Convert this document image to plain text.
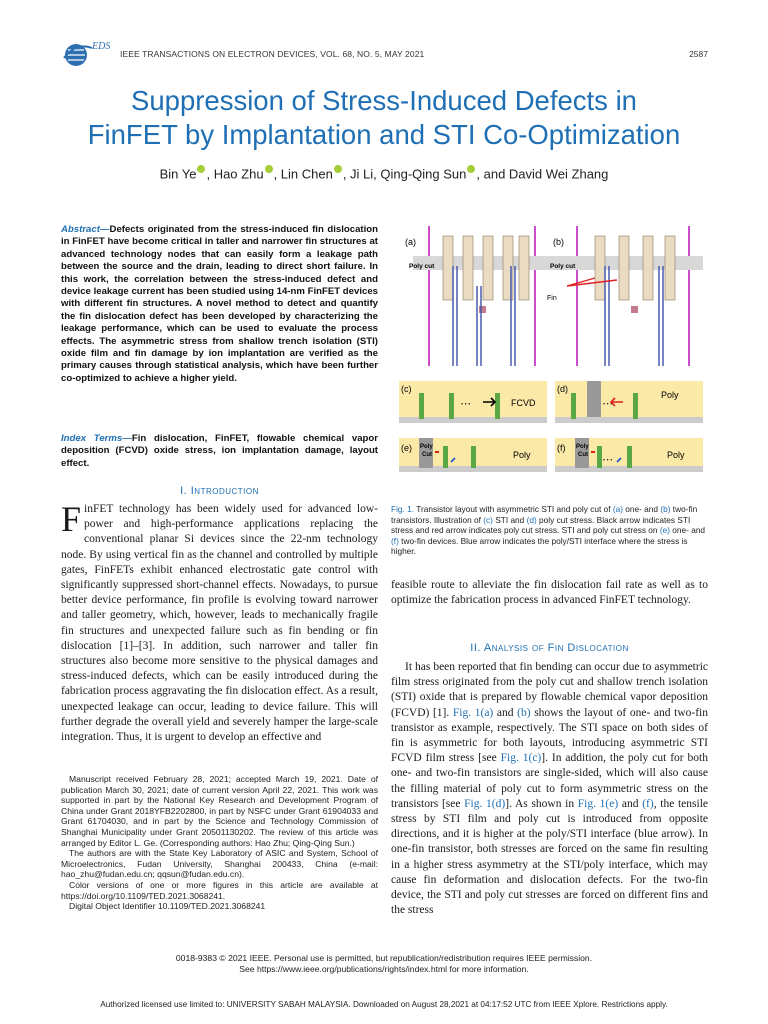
EDS
IEEE TRANSACTIONS ON ELECTRON DEVICES, VOL. 68, NO. 5, MAY 2021	2587
Suppression of Stress-Induced Defects in
FinFET by Implantation and STI Co-Optimization
Bin Ye , Hao Zhu , Lin Chen , Ji Li, Qing-Qing Sun , and David Wei Zhang
Abstract—Defects originated from the stress-induced fin dislocation in FinFET have become critical in taller and narrower fin structures at advanced technology nodes that can easily form a leakage path between the source and the drain, leading to direct short failure. In this work, the correlation between the stress-induced defect and device leakage current has been studied using 14-nm FinFET devices with different fin structures. A novel method to detect and quantify the fin dislocation defect has been developed by characterizing the leakage performance, which can be used to evaluate the process effects. The asymmetric stress from shallow trench isolation (STI) oxide film and fin damage by ion implantation are verified as the primary causes through statistical analysis, which have been further co-optimized to achieve a higher yield.
Index Terms—Fin dislocation, FinFET, flowable chemical vapor deposition (FCVD) oxide stress, ion implantation damage, layout effect.
I. Introduction
FinFET technology has been widely used for advanced low-power and high-performance applications replacing the conventional planar Si devices since the 22-nm technology node. By using vertical fin as the channel and controlled by multiple gates, FinFETs exhibit enhanced electrostatic gate control with significantly suppressed short-channel effects. Nowadays, to pursue better device performance, fin profile is evolving toward narrower and taller geometry, which, however, leads to mechanically fragile fin structures and unexpected failure such as fin bending or fin dislocation [1]–[3]. In addition, such narrower and taller fin structures also become more sensitive to the physical damages and stress-induced defects, which can be easily introduced during the fabrication process aggravating the fin dislocation effect. As a result, unexpected leakage can occur, leading to device failure. This will further degrade the overall yield and severely hamper the large-scale integration. Thus, it is urgent to develop an effective and

Manuscript received February 28, 2021; accepted March 19, 2021. Date of publication March 30, 2021; date of current version April 22, 2021. This work was supported in part by the National Key Research and Development Program of China under Grant 2018YFB2202800, in part by NSFC under Grant 61904033 and Grant 61704030, and in part by the Science and Technology Commission of Shanghai Municipality under Grant 20501130202. The review of this article was arranged by Editor L. Ge. (Corresponding authors: Hao Zhu; Qing-Qing Sun.)

The authors are with the State Key Laboratory of ASIC and System, School of Microelectronics, Fudan University, Shanghai 200433, China (e-mail: hao_zhu@fudan.edu.cn; qqsun@fudan.edu.cn).

Color versions of one or more figures in this article are available at https://doi.org/10.1109/TED.2021.3068241.

Digital Object Identifier 10.1109/TED.2021.3068241

(a)
Poly cut
(b)
Poly cut
Fin
(c)
• • •	FCVD
(d)
• • •
Poly
(e) Poly
Cut	Poly
(f) Poly
Cut
• • •
Poly
Fig. 1. Transistor layout with asymmetric STI and poly cut of (a) one- and (b) two-fin transistors. Illustration of (c) STI and (d) poly cut stress. Black arrow indicates STI stress and red arrow indicates poly cut stress. STI and poly cut stress on (e) one- and (f) two-fin devices. Blue arrow indicates the poly/STI interface where the stress is higher.
feasible route to alleviate the fin dislocation fail rate as well as to optimize the fabrication process in advanced FinFET technology.
II. Analysis of Fin Dislocation

It has been reported that fin bending can occur due to asymmetric film stress originated from the poly cut and shallow trench isolation (STI) oxide that is prepared by flowable chemical vapor deposition (FCVD) [1]. Fig. 1(a) and (b) shows the layout of one- and two-fin transistor as example, respectively. The STI space on both sides of fin is asymmetric for both layouts, introducing asymmetric STI FCVD film stress [see Fig. 1(c)]. In addition, the poly cut for both one- and two-fin transistors are single-sided, which will also cause the filling material of poly cut to form asymmetric stress on the transistors [see Fig. 1(d)]. As shown in Fig. 1(e) and (f), the tensile stress by STI film and poly cut is introduced from opposite directions, and it is higher at the poly/STI interface (blue arrow). In one-fin transistor, both stresses are forced on the same fin resulting in a higher stress asymmetry at the STI/poly interface, which may cause fin deformation and dislocation defects. For the two-fin device, the STI and poly cut stresses are forced on different fins and the stress

0018-9383 © 2021 IEEE. Personal use is permitted, but republication/redistribution requires IEEE permission.
See https://www.ieee.org/publications/rights/index.html for more information.
Authorized licensed use limited to: UNIVERSITY SABAH MALAYSIA. Downloaded on August 28,2021 at 04:17:52 UTC from IEEE Xplore. Restrictions apply.
